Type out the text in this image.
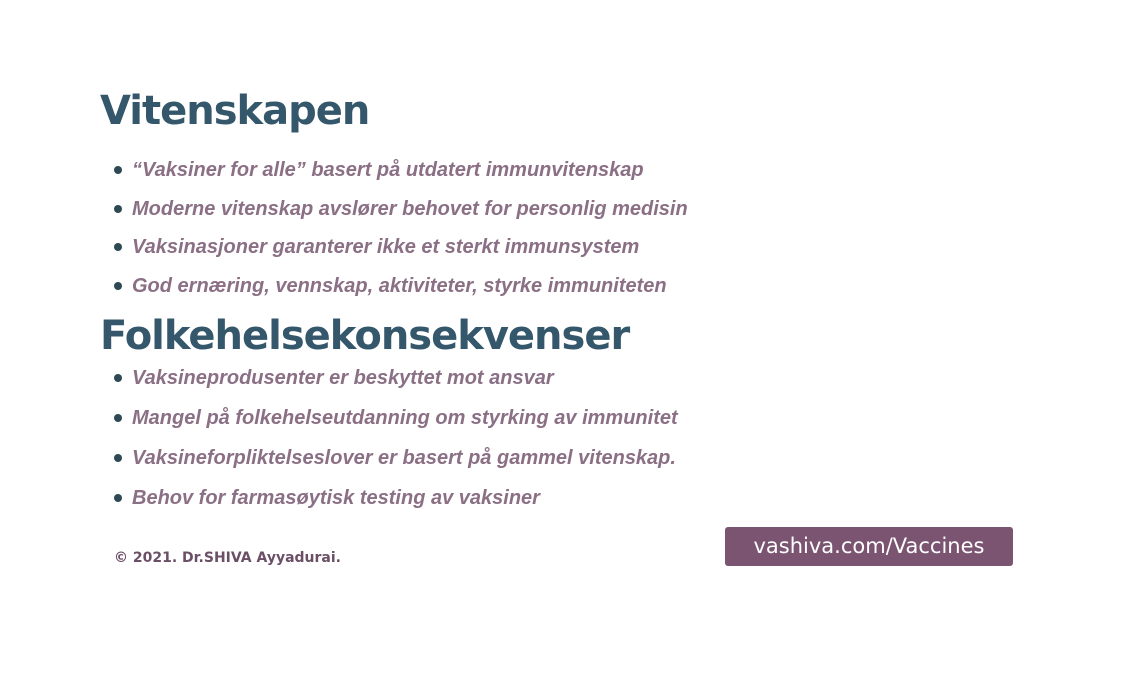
Vitenskapen
“Vaksiner for alle” basert på utdatert immunvitenskap
Moderne vitenskap avslører behovet for personlig medisin
Vaksinasjoner garanterer ikke et sterkt immunsystem
God ernæring, vennskap, aktiviteter, styrke immuniteten
Folkehelsekonsekvenser
Vaksineprodusenter er beskyttet mot ansvar
Mangel på folkehelseutdanning om styrking av immunitet
Vaksineforpliktelseslover er basert på gammel vitenskap.
Behov for farmasøytisk testing av vaksiner
© 2021. Dr.SHIVA Ayyadurai.	vashiva.com/Vaccines
